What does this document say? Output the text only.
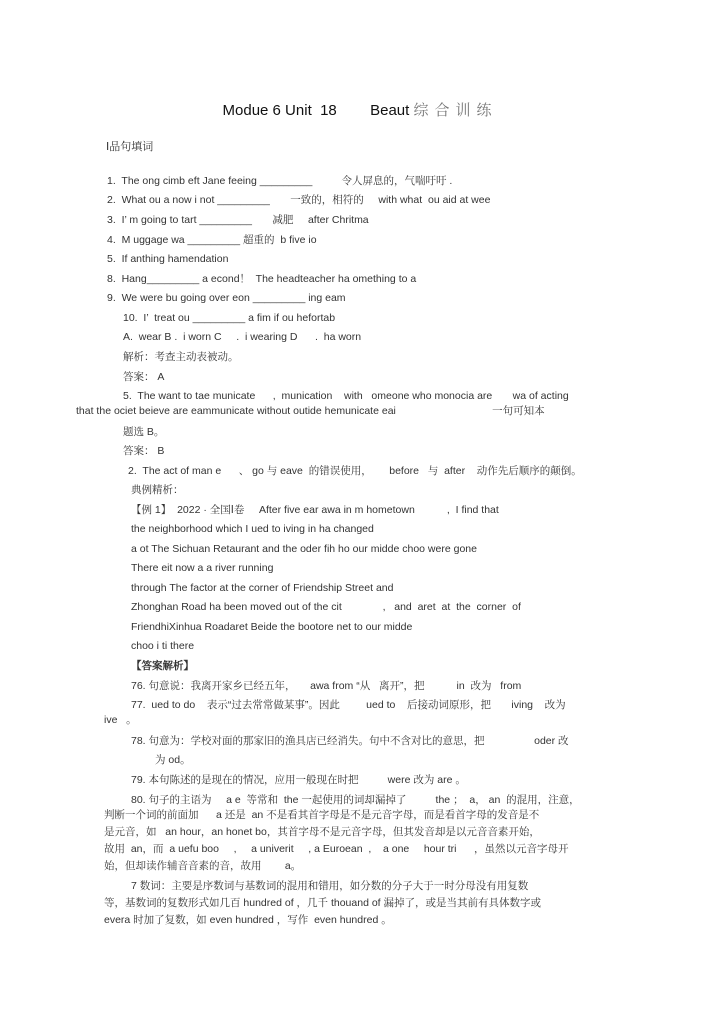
Modue 6 Unit  18        Beaut 综合训练
Ⅰ品句填词
1.  The ong cimb eft Jane feeing _________          令人屏息的，气喘吁吁 .
2.  What ou a now i not _________       一致的，相符的     with what  ou aid at wee
3.  I’ m going to tart _________       减肥     after Chritma
4.  M uggage wa _________ 超重的  b five io
5.  If anthing hamendation
8.  Hang_________ a econd！  The headteacher ha omething to a
9.  We were bu going over eon _________ ing eam
10.  I’  treat ou _________ a fim if ou hefortab
A.  wear B .  i worn C     .  i wearing D      .  ha worn
解析：考查主动表被动。
答案： A
5.  The want to tae municate      ,  munication    with   omeone who monocia are       wa of acting
that the ociet beieve are eammunicate without outide hemunicate eai                                 一句可知本
题选 B。
答案： B
2.  The act of man e      、 go 与 eave  的错误使用，      before   与  after    动作先后顺序的颠倒。
典例精析：
【例 1】  2022 · 全国Ⅰ卷     After five ear awa in m hometown           ,  I find that
the neighborhood which I ued to iving in ha changed
a ot The Sichuan Retaurant and the oder fih ho our midde choo were gone
There eit now a a river running
through The factor at the corner of Friendship Street and
Zhonghan Road ha been moved out of the cit              ,   and  aret  at  the  corner  of
FriendhiXinhua Roadaret Beide the bootore net to our midde
choo i ti there
【答案解析】
76. 句意说：我离开家乡已经五年，     awa from “从   离开”，把           in  改为   from
77.  ued to do    表示“过去常常做某事”。因此         ued to    后接动词原形，把       iving    改为
ive   。
78. 句意为：学校对面的那家旧的渔具店已经消失。句中不含对比的意思，把                 oder 改
为 od。
79. 本句陈述的是现在的情况，应用一般现在时把          were 改为 are 。
80. 句子的主语为     a e  等常和  the 一起使用的词却漏掉了          the ；  a， an  的混用，注意，
判断一个词的前面加      a 还是  an 不是看其首字母是不是元音字母，而是看首字母的发音是不
是元音，如   an hour，an honet bo，其首字母不是元音字母，但其发音却是以元音音素开始，
故用  an，而  a uefu boo     ,     a univerit     , a Euroean  ,    a one     hour tri      ，虽然以元音字母开
始，但却读作辅音音素的音，故用        a。
7 数词：主要是序数词与基数词的混用和错用，如分数的分子大于一时分母没有用复数
等，基数词的复数形式如几百 hundred of ，几千 thouand of 漏掉了，或是当其前有具体数字或
evera 时加了复数，如 even hundred ，写作  even hundred 。
